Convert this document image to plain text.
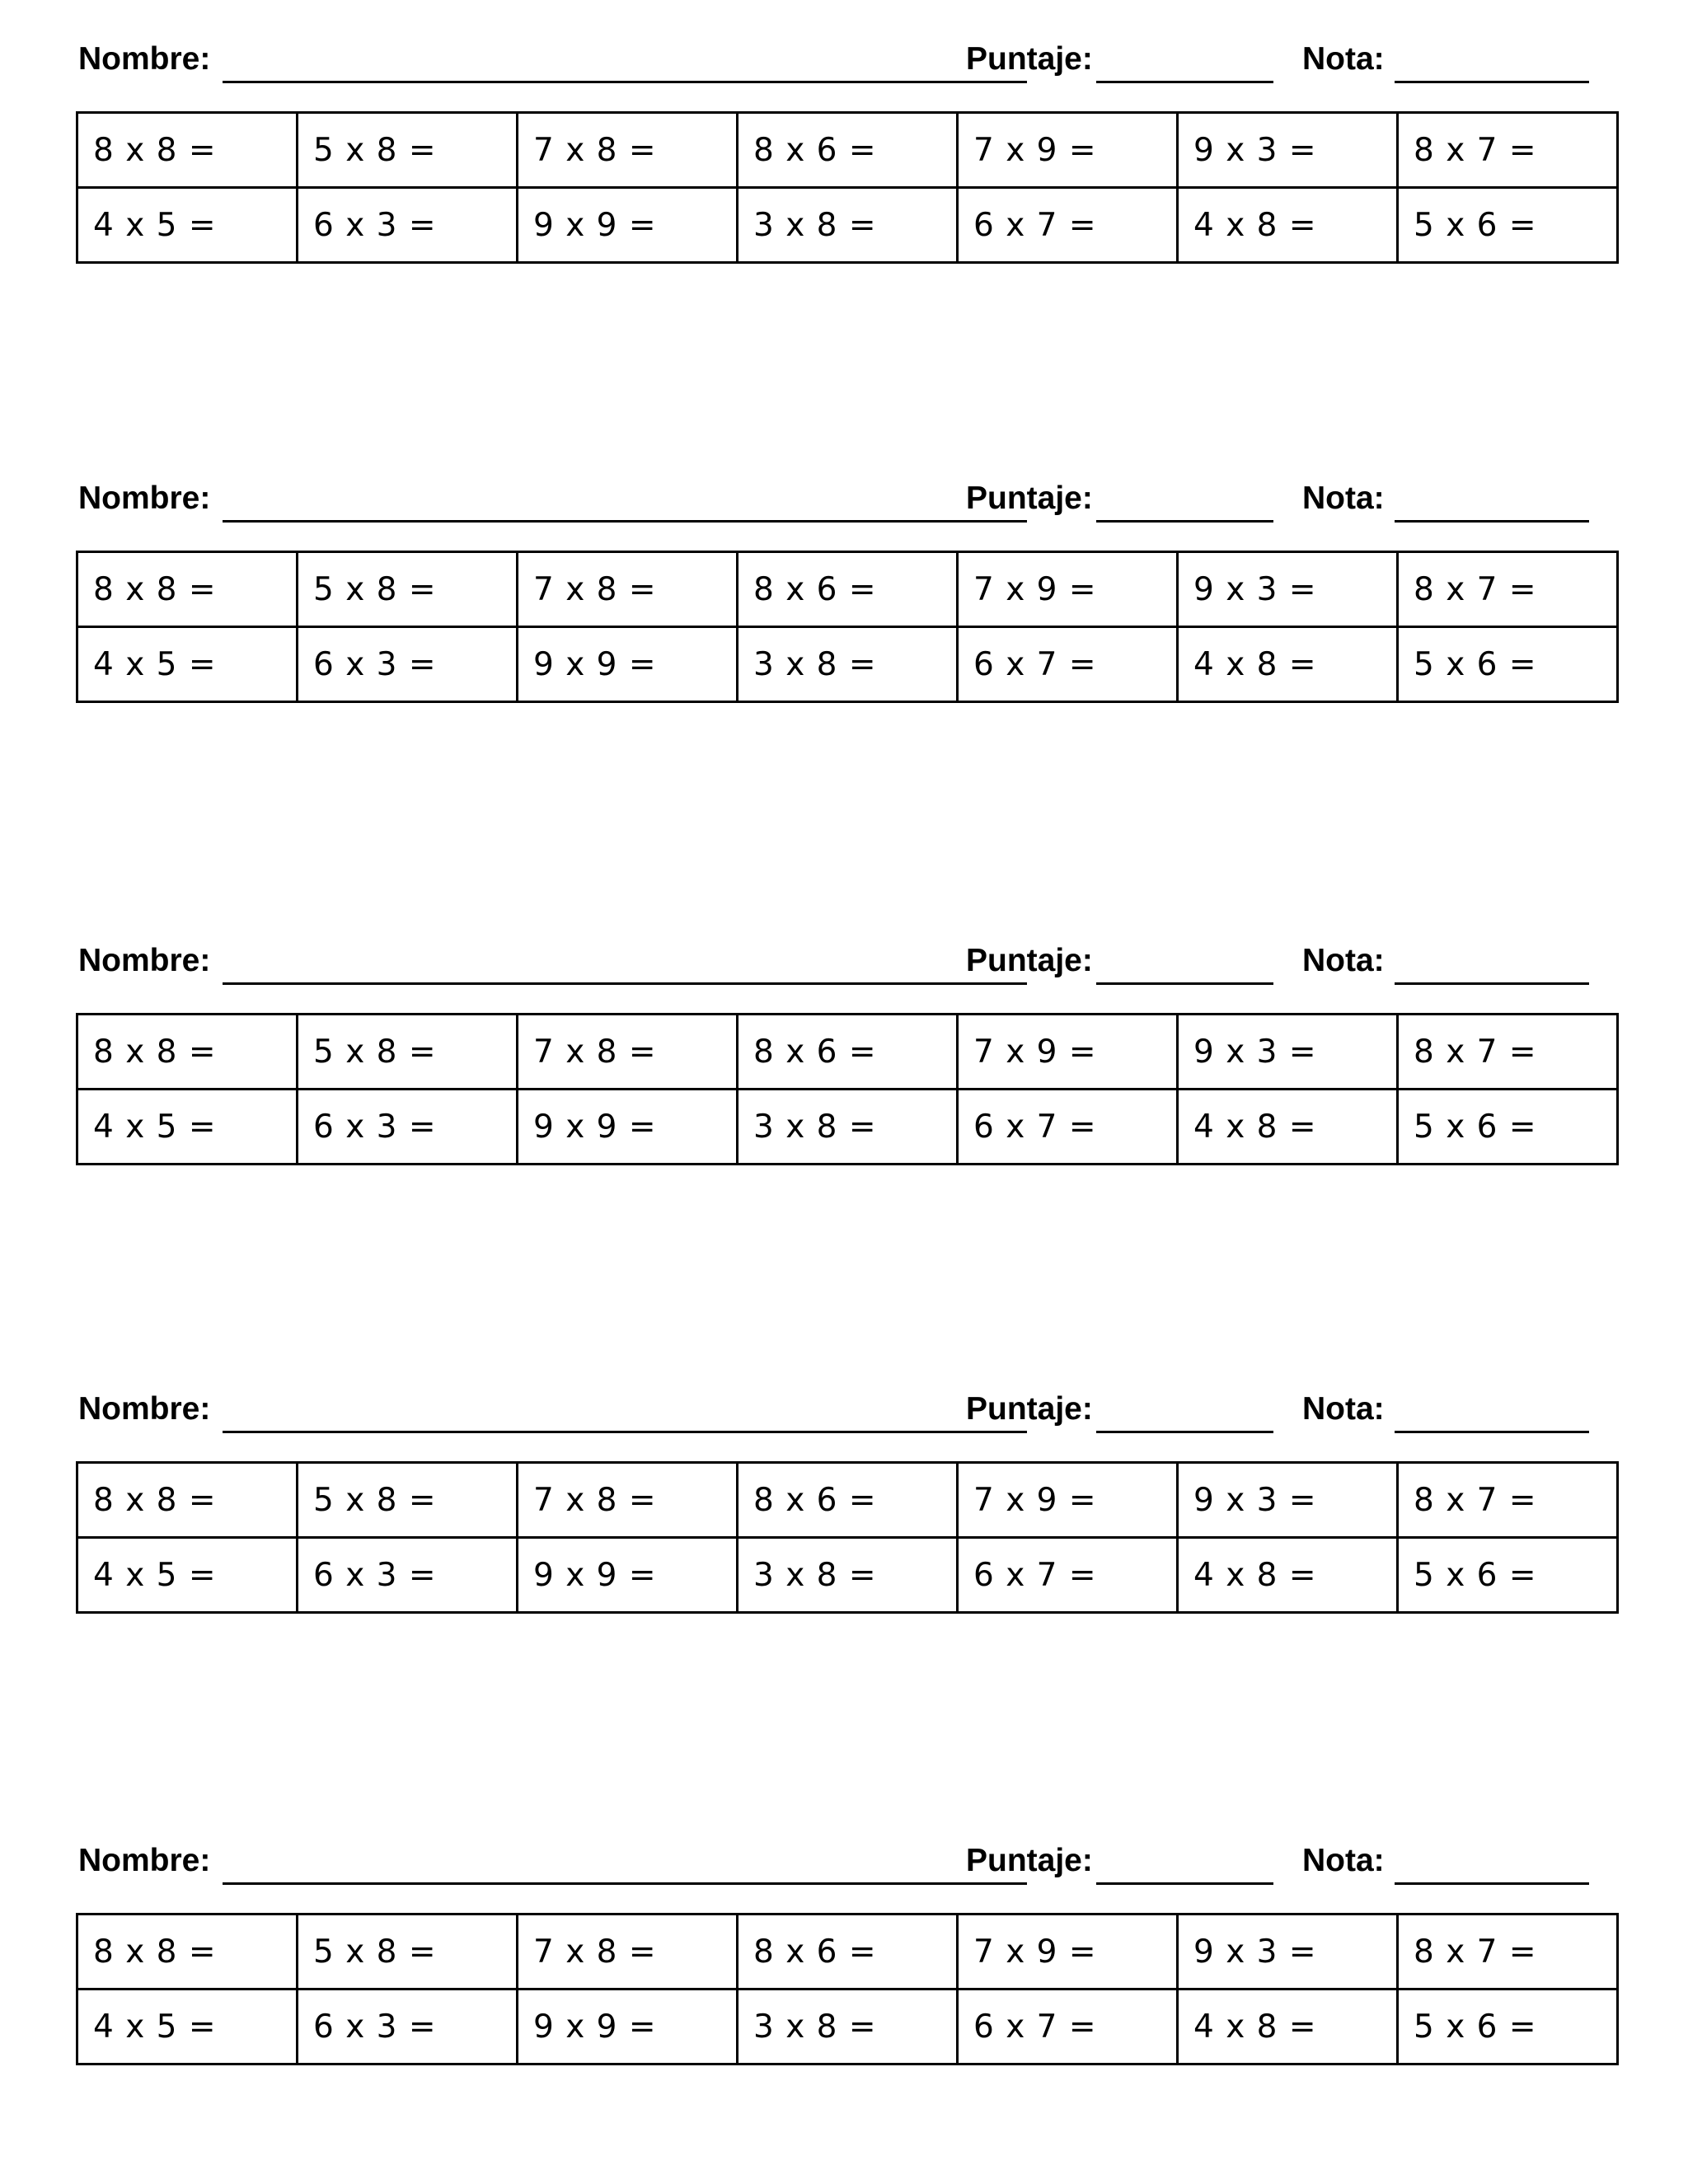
Nombre:	Puntaje:	Nota:
8 x 8 =	5 x 8 =	7 x 8 =	8 x 6 =	7 x 9 =	9 x 3 =	8 x 7 =
4 x 5 =	6 x 3 =	9 x 9 =	3 x 8 =	6 x 7 =	4 x 8 =	5 x 6 =
Nombre:	Puntaje:	Nota:
8 x 8 =	5 x 8 =	7 x 8 =	8 x 6 =	7 x 9 =	9 x 3 =	8 x 7 =
4 x 5 =	6 x 3 =	9 x 9 =	3 x 8 =	6 x 7 =	4 x 8 =	5 x 6 =
Nombre:	Puntaje:	Nota:
8 x 8 =	5 x 8 =	7 x 8 =	8 x 6 =	7 x 9 =	9 x 3 =	8 x 7 =
4 x 5 =	6 x 3 =	9 x 9 =	3 x 8 =	6 x 7 =	4 x 8 =	5 x 6 =
Nombre:	Puntaje:	Nota:
8 x 8 =	5 x 8 =	7 x 8 =	8 x 6 =	7 x 9 =	9 x 3 =	8 x 7 =
4 x 5 =	6 x 3 =	9 x 9 =	3 x 8 =	6 x 7 =	4 x 8 =	5 x 6 =
Nombre:	Puntaje:	Nota:
8 x 8 =	5 x 8 =	7 x 8 =	8 x 6 =	7 x 9 =	9 x 3 =	8 x 7 =
4 x 5 =	6 x 3 =	9 x 9 =	3 x 8 =	6 x 7 =	4 x 8 =	5 x 6 =
